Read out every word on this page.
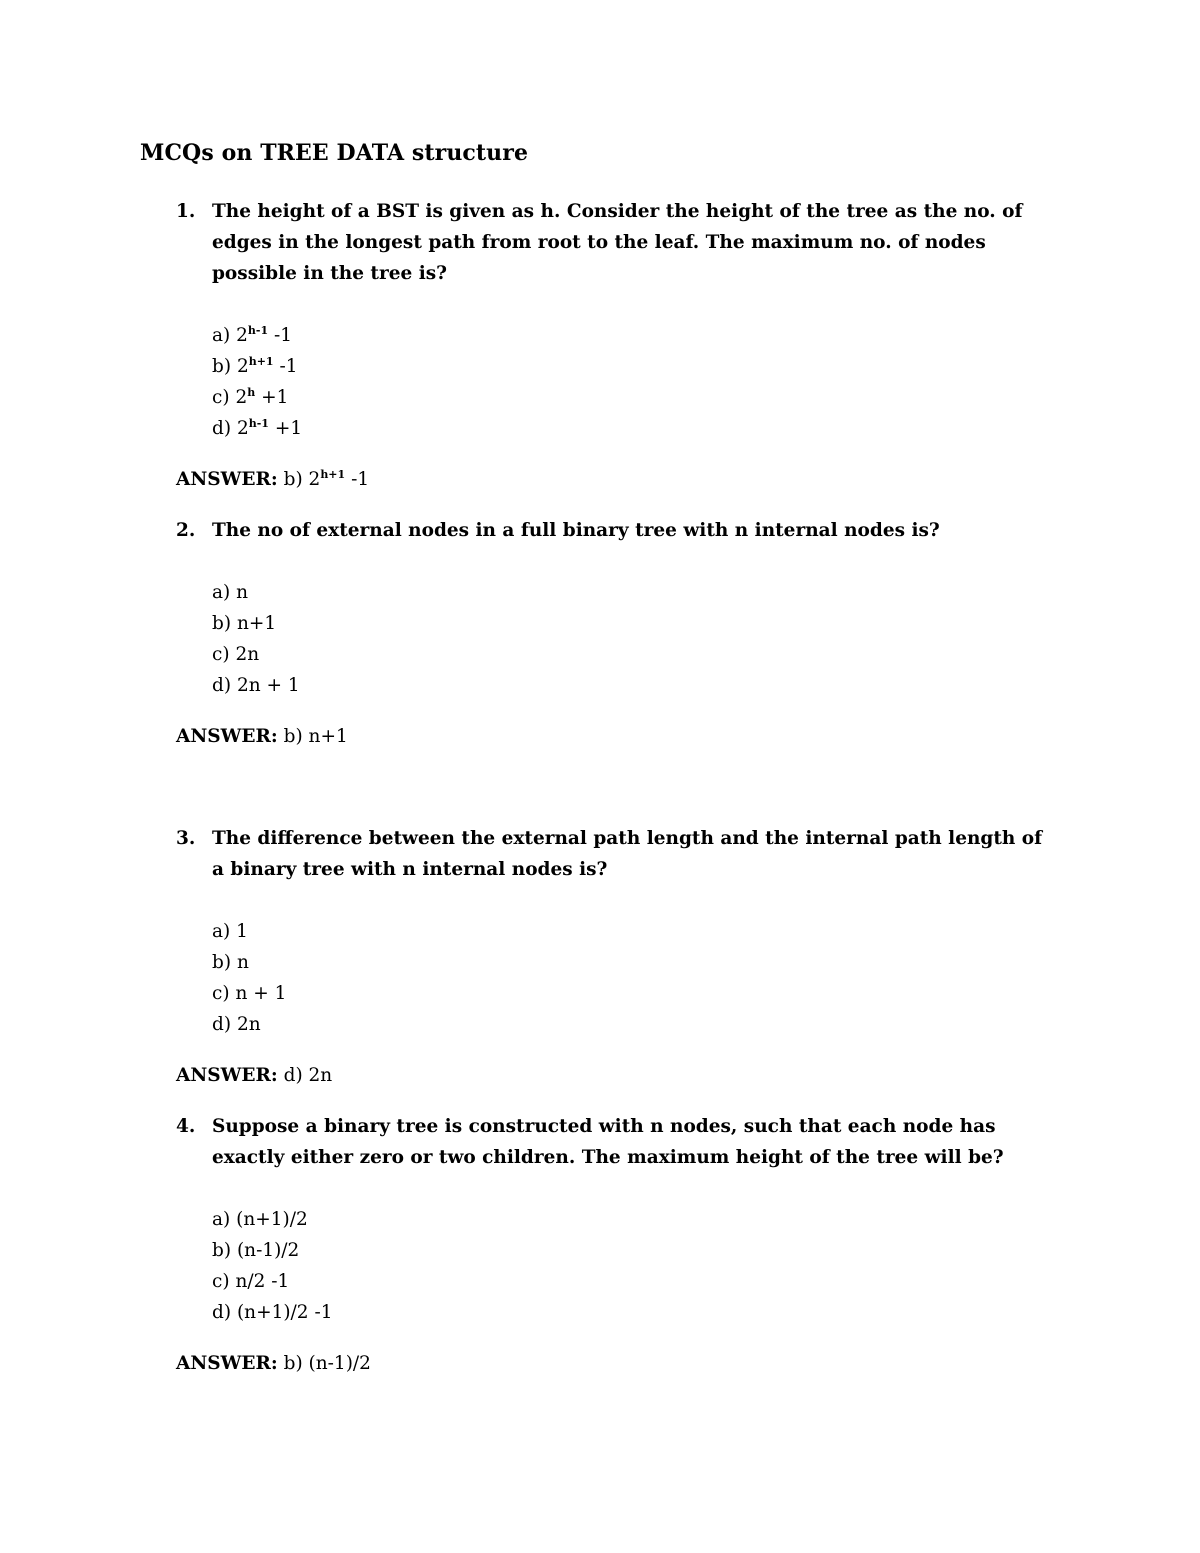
MCQs on TREE DATA structure
1. The height of a BST is given as h. Consider the height of the tree as the no. of edges in the longest path from root to the leaf. The maximum no. of nodes possible in the tree is?
a) 2$^{h-1}$ -1
b) $2^{h+1}$ -1
c) $2^h +1$
d) $2^{h-1} +1$
ANSWER: b) $2^{h+1}$ -1
2. The no of external nodes in a full binary tree with n internal nodes is?
a) n
b) n+1
c) 2n
d) 2n + 1
ANSWER: b) n+1
3. The difference between the external path length and the internal path length of a binary tree with n internal nodes is?
a) 1
b) n
c) n + 1
d) 2n
ANSWER: d) 2n
4. Suppose a binary tree is constructed with n nodes, such that each node has exactly either zero or two children. The maximum height of the tree will be?
a) (n+1)/2
b) (n-1)/2
c) n/2 -1
d) (n+1)/2 -1
ANSWER: b) (n-1)/2
